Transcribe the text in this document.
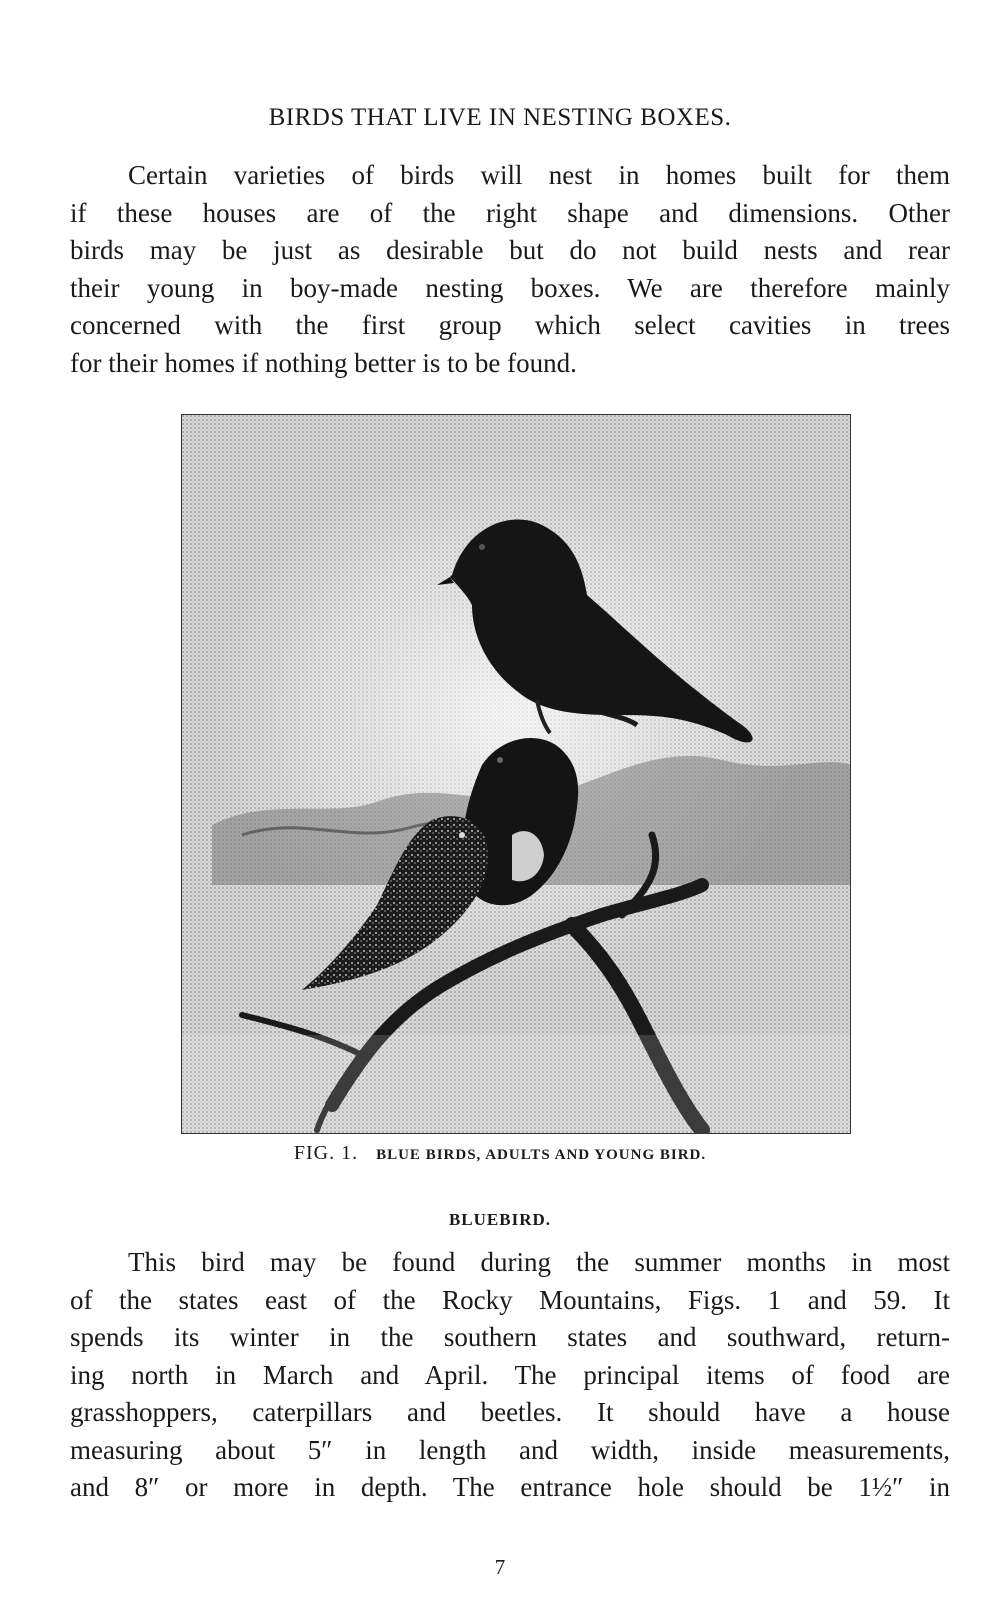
BIRDS THAT LIVE IN NESTING BOXES.
Certain varieties of birds will nest in homes built for them
if these houses are of the right shape and dimensions. Other
birds may be just as desirable but do not build nests and rear
their young in boy-made nesting boxes. We are therefore mainly
concerned with the first group which select cavities in trees
for their homes if nothing better is to be found.
FIG. 1. BLUE BIRDS, ADULTS AND YOUNG BIRD.
BLUEBIRD.
This bird may be found during the summer months in most
of the states east of the Rocky Mountains, Figs. 1 and 59. It
spends its winter in the southern states and southward, return-
ing north in March and April. The principal items of food are
grasshoppers, caterpillars and beetles. It should have a house
measuring about 5″ in length and width, inside measurements,
and 8″ or more in depth. The entrance hole should be 1½″ in
7
